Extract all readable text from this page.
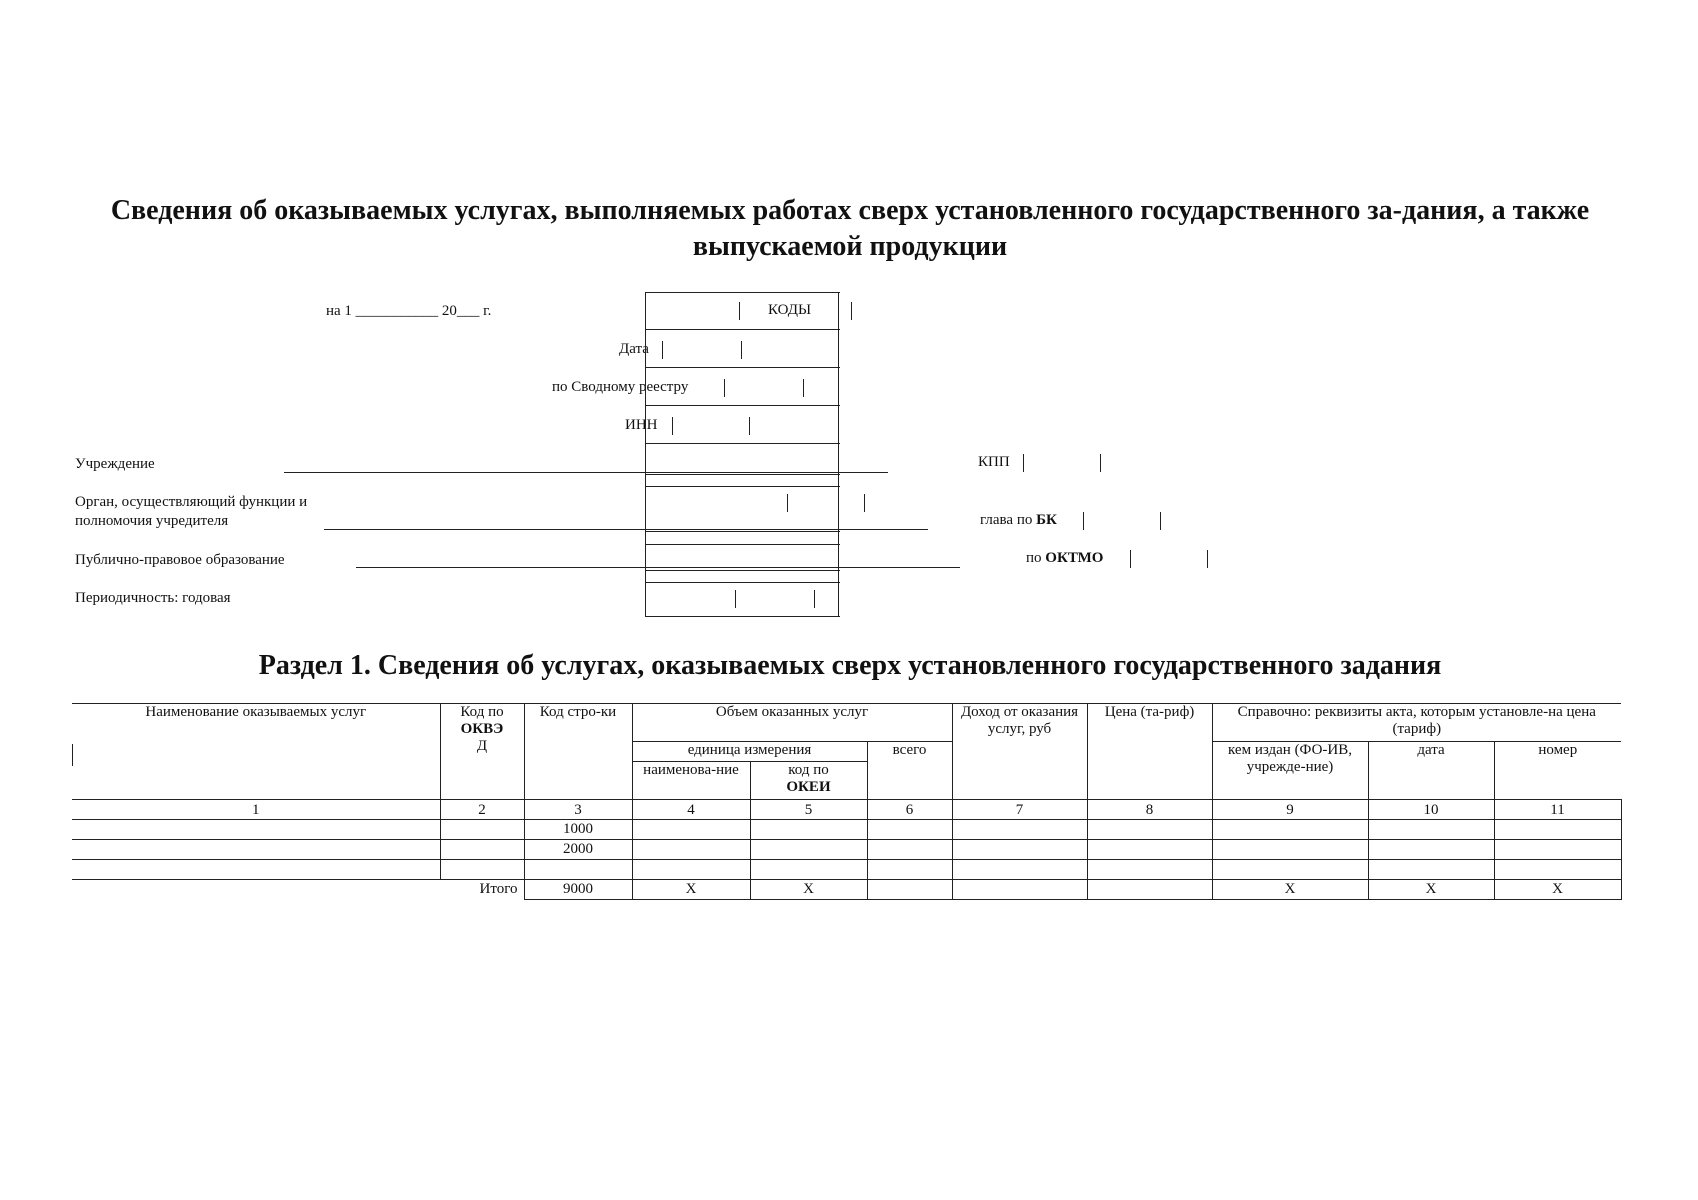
Сведения об оказываемых услугах, выполняемых работах сверх установленного государственного за-дания, а также выпускаемой продукции
на 1 ___________ 20___ г.	КОДЫ
Дата
по Сводному реестру
ИНН
Учреждение	КПП
Орган, осуществляющий функции и
полномочия учредителя	глава по БК
Публично-правовое образование	по ОКТМО
Периодичность: годовая
Раздел 1. Сведения об услугах, оказываемых сверх установленного государственного задания
Наименование оказываемых услуг	Код по
ОКВЭ
Д	Код стро-ки	Объем оказанных услуг			Доход от оказания услуг, руб	Цена (та-риф)	Справочно: реквизиты акта, которым установле-на цена (тариф)		
			единица измерения		всего			кем издан (ФО-ИВ, учрежде-ние)	дата	номер
			наименова-ние	код по
ОКЕИ						
1	2	3	4	5	6	7	8	9	10	11
		1000								
		2000								

Итого		9000	Х	Х				Х	Х	Х
